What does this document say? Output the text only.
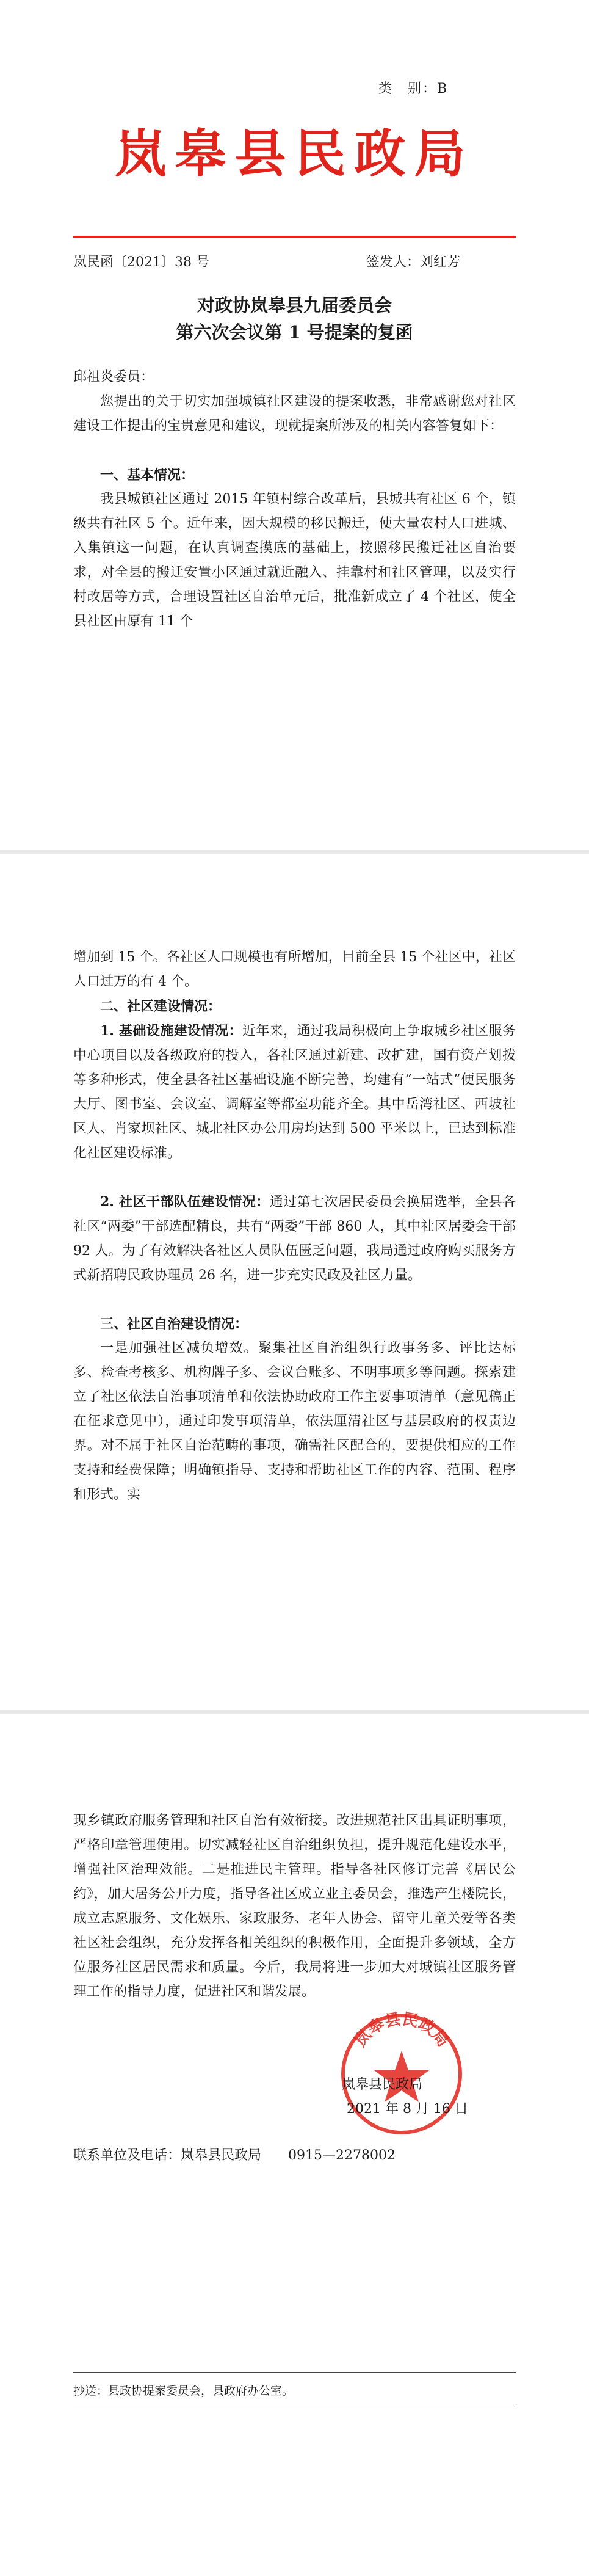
类　别：B
岚皋县民政局
岚民函〔2021〕38 号	签发人：刘红芳
对政协岚皋县九届委员会
第六次会议第 1 号提案的复函
邱祖炎委员：
您提出的关于切实加强城镇社区建设的提案收悉，非常感谢您对社区建设工作提出的宝贵意见和建议，现就提案所涉及的相关内容答复如下：
一、基本情况：
我县城镇社区通过 2015 年镇村综合改革后，县城共有社区 6 个，镇级共有社区 5 个。近年来，因大规模的移民搬迁，使大量农村人口进城、入集镇这一问题，在认真调查摸底的基础上，按照移民搬迁社区自治要求，对全县的搬迁安置小区通过就近融入、挂靠村和社区管理，以及实行村改居等方式，合理设置社区自治单元后，批准新成立了 4 个社区，使全县社区由原有 11 个
增加到 15 个。各社区人口规模也有所增加，目前全县 15 个社区中，社区人口过万的有 4 个。
二、社区建设情况：
1. 基础设施建设情况：近年来，通过我局积极向上争取城乡社区服务中心项目以及各级政府的投入，各社区通过新建、改扩建，国有资产划拨等多种形式，使全县各社区基础设施不断完善，均建有“一站式”便民服务大厅、图书室、会议室、调解室等都室功能齐全。其中岳湾社区、西坡社区人、肖家坝社区、城北社区办公用房均达到 500 平米以上，已达到标准化社区建设标准。
2. 社区干部队伍建设情况：通过第七次居民委员会换届选举，全县各社区“两委”干部选配精良，共有“两委”干部 860 人，其中社区居委会干部 92 人。为了有效解决各社区人员队伍匮乏问题，我局通过政府购买服务方式新招聘民政协理员 26 名，进一步充实民政及社区力量。
三、社区自治建设情况：
一是加强社区减负增效。聚集社区自治组织行政事务多、评比达标多、检查考核多、机构牌子多、会议台账多、不明事项多等问题。探索建立了社区依法自治事项清单和依法协助政府工作主要事项清单（意见稿正在征求意见中），通过印发事项清单，依法厘清社区与基层政府的权责边界。对不属于社区自治范畴的事项，确需社区配合的，要提供相应的工作支持和经费保障；明确镇指导、支持和帮助社区工作的内容、范围、程序和形式。实
现乡镇政府服务管理和社区自治有效衔接。改进规范社区出具证明事项，严格印章管理使用。切实减轻社区自治组织负担，提升规范化建设水平，增强社区治理效能。二是推进民主管理。指导各社区修订完善《居民公约》，加大居务公开力度，指导各社区成立业主委员会，推选产生楼院长，成立志愿服务、文化娱乐、家政服务、老年人协会、留守儿童关爱等各类社区社会组织，充分发挥各相关组织的积极作用，全面提升多领域，全方位服务社区居民需求和质量。今后，我局将进一步加大对城镇社区服务管理工作的指导力度，促进社区和谐发展。
岚皋县民政局
岚皋县民政局
2021 年 8 月 16 日
联系单位及电话：岚皋县民政局　　0915—2278002
抄送：县政协提案委员会，县政府办公室。
